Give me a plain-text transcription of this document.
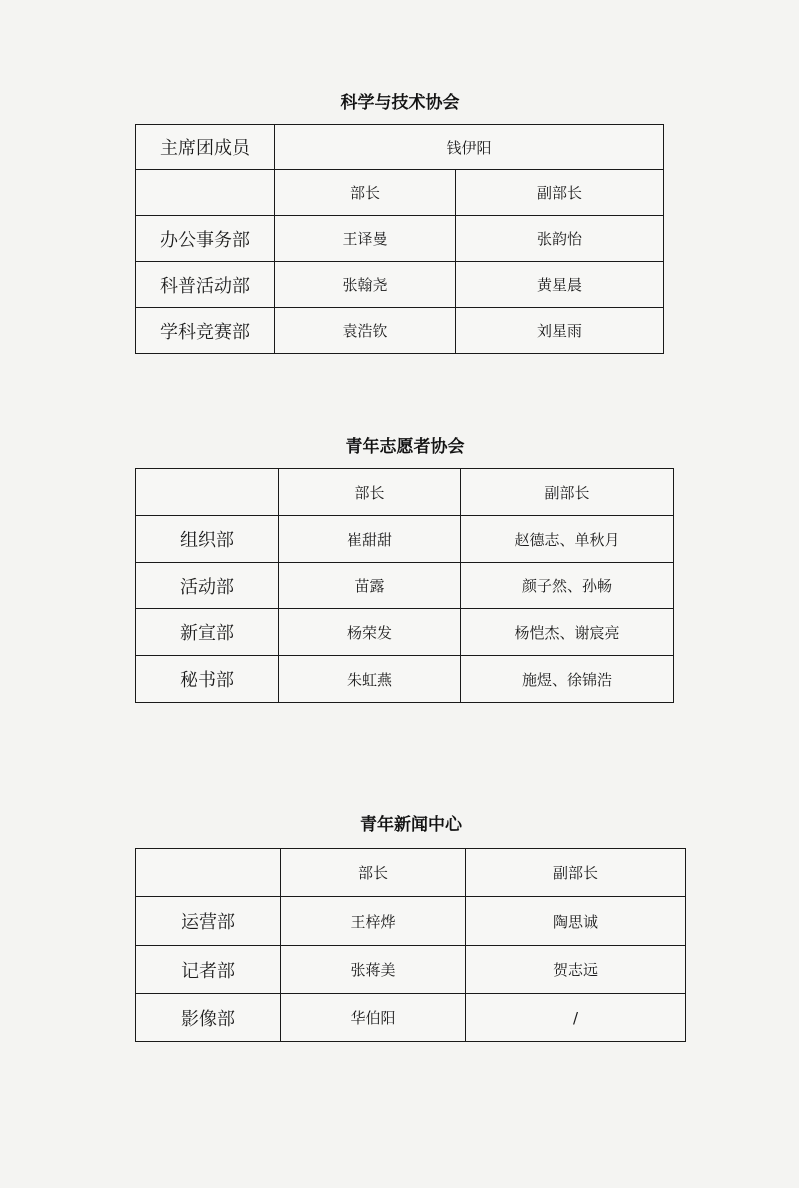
科学与技术协会
主席团成员	钱伊阳	
	部长	副部长
办公事务部	王译曼	张韵怡
科普活动部	张翰尧	黄星晨
学科竞赛部	袁浩钦	刘星雨
青年志愿者协会
	部长	副部长
组织部	崔甜甜	赵德志、单秋月
活动部	苗露	颜子然、孙畅
新宣部	杨荣发	杨恺杰、谢宸亮
秘书部	朱虹燕	施煜、徐锦浩
青年新闻中心
	部长	副部长
运营部	王梓烨	陶思诚
记者部	张蒋美	贺志远
影像部	华伯阳	/
